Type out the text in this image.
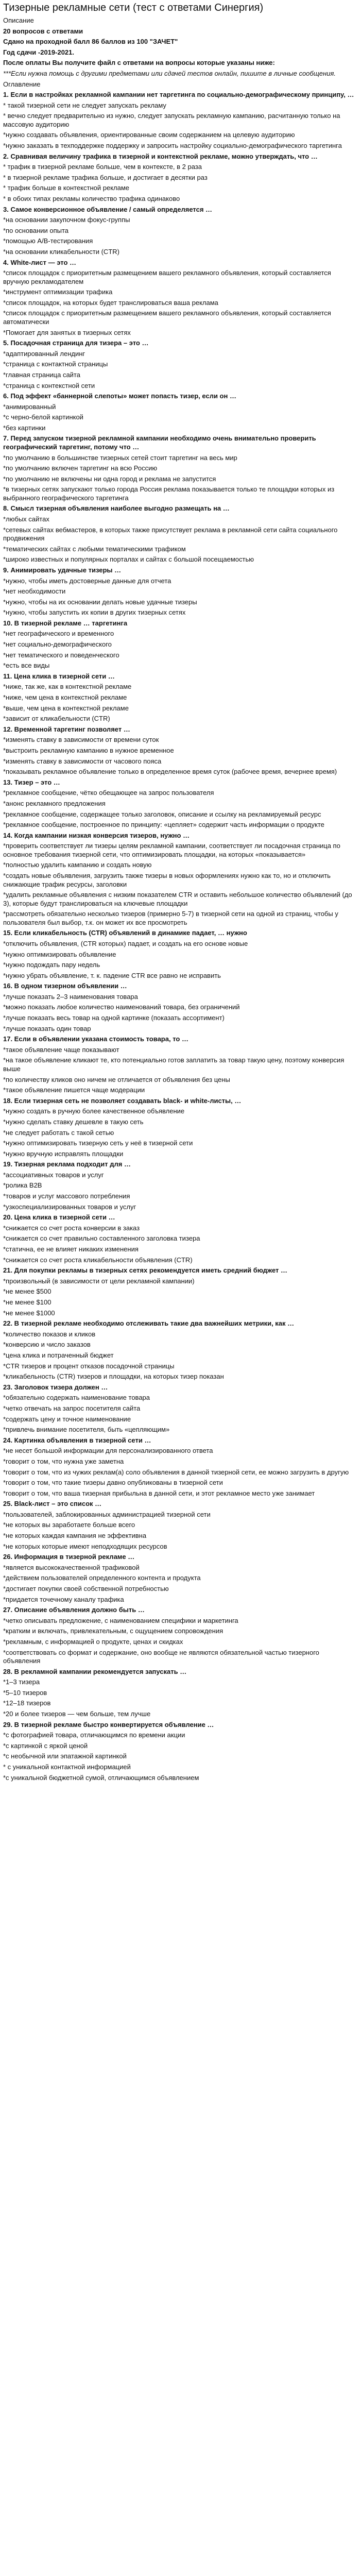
Тизерные рекламные сети (тест с ответами Синергия)
Описание
20 вопросов с ответами
Сдано на проходной балл 86 баллов из 100 "ЗАЧЕТ"
Год сдачи -2019-2021.
После оплаты Вы получите файл с ответами на вопросы которые указаны ниже:
***Если нужна помощь с другими предметами или сдачей тестов онлайн, пишите в личные сообщения.
Оглавление
1. Если в настройках рекламной кампании нет таргетинга по социально-демографическому принципу, …
* такой тизерной сети не следует запускать рекламу
* вечно следует предварительно из нужно, следует запускать рекламную кампанию, расчитанную только на массовую аудиторию
*нужно создавать объявления, ориентированные своим содержанием на целевую аудиторию
*нужно заказать в техподдержке поддержку и запросить настройку социально-демографического таргетинга
2. Сравнивая величину трафика в тизерной и контекстной рекламе, можно утверждать, что …
* трафик в тизерной рекламе больше, чем в контексте, в 2 раза
* в тизерной рекламе трафика больше, и достигает в десятки раз
* трафик больше в контекстной рекламе
* в обоих типах рекламы количество трафика одинаково
3. Самое конверсионное объявление / самый определяется …
*на основании закупочном фокус-группы
*по основании опыта
*помощью A/B-тестирования
*на основании кликабельности (CTR)
4. White-лист — это …
*список площадок с приоритетным размещением вашего рекламного объявления, который составляется вручную рекламодателем
*инструмент оптимизации трафика
*список площадок, на которых будет транслироваться ваша реклама
*список площадок с приоритетным размещением вашего рекламного объявления, который составляется автоматически
*Помогает для занятых в тизерных сетях
5. Посадочная страница для тизера – это …
*адаптированный лендинг
*страница с контактной страницы
*главная страница сайта
*страница с контекстной сети
6. Под эффект «баннерной слепоты» может попасть тизер, если он …
*анимированный
*с черно-белой картинкой
*без картинки
7. Перед запуском тизерной рекламной кампании необходимо очень внимательно проверить географический таргетинг, потому что …
*по умолчанию в большинстве тизерных сетей стоит таргетинг на весь мир
*по умолчанию включен таргетинг на всю Россию
*по умолчанию не включены ни одна город и реклама не запустится
*в тизерных сетях запускают только города Россия реклама показывается только те площадки которых из выбранного географического таргетинга
8. Смысл тизерная объявления наиболее выгодно размещать на …
*любых сайтах
*сетевых сайтах вебмастеров, в которых также присутствует реклама в рекламной сети сайта социального продвижения
*тематических сайтах с любыми тематическими трафиком
*широко известных и популярных порталах и сайтах с большой посещаемостью
9. Анимировать удачные тизеры …
*нужно, чтобы иметь достоверные данные для отчета
*нет необходимости
*нужно, чтобы на их основании делать новые удачные тизеры
*нужно, чтобы запустить их копии в других тизерных сетях
10. В тизерной рекламе … таргетинга
*нет географического и временного
*нет социально-демографического
*нет тематического и поведенческого
*есть все виды
11. Цена клика в тизерной сети …
*ниже, так же, как в контекстной рекламе
*ниже, чем цена в контекстной рекламе
*выше, чем цена в контекстной рекламе
*зависит от кликабельности (CTR)
12. Временной таргетинг позволяет …
*изменять ставку в зависимости от времени суток
*выстроить рекламную кампанию в нужное временное
*изменять ставку в зависимости от часового пояса
*показывать рекламное объявление только в определенное время суток (рабочее время, вечернее время)
13. Тизер – это …
*рекламное сообщение, чётко обещающее на запрос пользователя
*анонс рекламного предложения
*рекламное сообщение, содержащее только заголовок, описание и ссылку на рекламируемый ресурс
*рекламное сообщение, построенное по принципу: «цепляет» содержит часть информации о продукте
14. Когда кампании низкая конверсия тизеров, нужно …
*проверить соответствует ли тизеры целям рекламной кампании, соответствует ли посадочная страница по основное требования тизерной сети, что оптимизировать площадки, на которых «показывается»
*полностью удалить кампанию и создать новую
*создать новые объявления, загрузить также тизеры в новых оформлениях нужно как то, но и отключить снижающие трафик ресурсы, заголовки
*удалить рекламные объявления с низким показателем CTR и оставить небольшое количество объявлений (до 3), которые будут транслироваться на ключевые площадки
*рассмотреть обязательно несколько тизеров (примерно 5-7) в тизерной сети на одной из страниц, чтобы у пользователя был выбор, т.к. он может их все просмотреть
15. Если кликабельность (CTR) объявлений в динамике падает, … нужно
*отключить объявления, (CTR которых) падает, и создать на его основе новые
*нужно оптимизировать объявление
*нужно подождать пару недель
*нужно убрать объявление, т. к. падение CTR все равно не исправить
16. В одном тизерном объявлении …
*лучше показать 2–3 наименования товара
*можно показать любое количество наименований товара, без ограничений
*лучше показать весь товар на одной картинке (показать ассортимент)
*лучше показать один товар
17. Если в объявлении указана стоимость товара, то …
*такое объявление чаще показывают
*на такое объявление кликают те, кто потенциально готов заплатить за товар такую цену, поэтому конверсия выше
*по количеству кликов оно ничем не отличается от объявления без цены
*такое объявление пишется чаще модерации
18. Если тизерная сеть не позволяет создавать black- и white-листы, …
*нужно создать в ручную более качественное объявление
*нужно сделать ставку дешевле в такую сеть
*не следует работать с такой сетью
*нужно оптимизировать тизерную сеть у неё в тизерной сети
*нужно вручную исправлять площадки
19. Тизерная реклама подходит для …
*ассоциативных товаров и услуг
*ролика B2B
*товаров и услуг массового потребления
*узкоспециализированных товаров и услуг
20. Цена клика в тизерной сети …
*снижается со счет роста конверсии в заказ
*снижается со счет правильно составленного заголовка тизера
*статична, ее не влияет никаких изменения
*снижается со счет роста кликабельности объявления (CTR)
21. Для покупки рекламы в тизерных сетях рекомендуется иметь средний бюджет …
*произвольный (в зависимости от цели рекламной кампании)
*не менее $500
*не менее $100
*не менее $1000
22. В тизерной рекламе необходимо отслеживать такие два важнейших метрики, как …
*количество показов и кликов
*конверсию и число заказов
*цена клика и потраченный бюджет
*CTR тизеров и процент отказов посадочной страницы
*кликабельность (CTR) тизеров и площадки, на которых тизер показан
23. Заголовок тизера должен …
*обязательно содержать наименование товара
*четко отвечать на запрос посетителя сайта
*содержать цену и точное наименование
*привлечь внимание посетителя, быть «цепляющим»
24. Картинка объявления в тизерной сети …
*не несет большой информации для персонализированного ответа
*говорит о том, что нужна уже заметна
*говорит о том, что из чужих реклам(а) соло объявления в данной тизерной сети, ее можно загрузить в другую
*говорит о том, что такие тизеры давно опубликованы в тизерной сети
*говорит о том, что ваша тизерная прибыльна в данной сети, и этот рекламное место уже занимает
25. Black-лист – это список …
*пользователей, заблокированных администрацией тизерной сети
*не которых вы заработаете больше всего
*не которых каждая кампания не эффективна
*не которых которые имеют неподходящих ресурсов
26. Информация в тизерной рекламе …
*является высококачественной трафиковой
*действием пользователей определенного контента и продукта
*достигает покупки своей собственной потребностью
*придается точечному каналу трафика
27. Описание объявления должно быть …
*четко описывать предложение, с наименованием специфики и маркетинга
*кратким и включать, привлекательным, с ощущением сопровождения
*рекламным, с информацией о продукте, ценах и скидках
*соответствовать со формат и содержание, оно вообще не являются обязательной частью тизерного объявления
28. В рекламной кампании рекомендуется запускать …
*1–3 тизера
*5–10 тизеров
*12–18 тизеров
*20 и более тизеров — чем больше, тем лучше
29. В тизерной рекламе быстро конвертируется объявление …
*с фотографией товара, отличающимся по времени акции
*с картинкой с яркой ценой
*с необычной или эпатажной картинкой
* с уникальной контактной информацией
*с уникальной бюджетной сумой, отличающимся объявлением
